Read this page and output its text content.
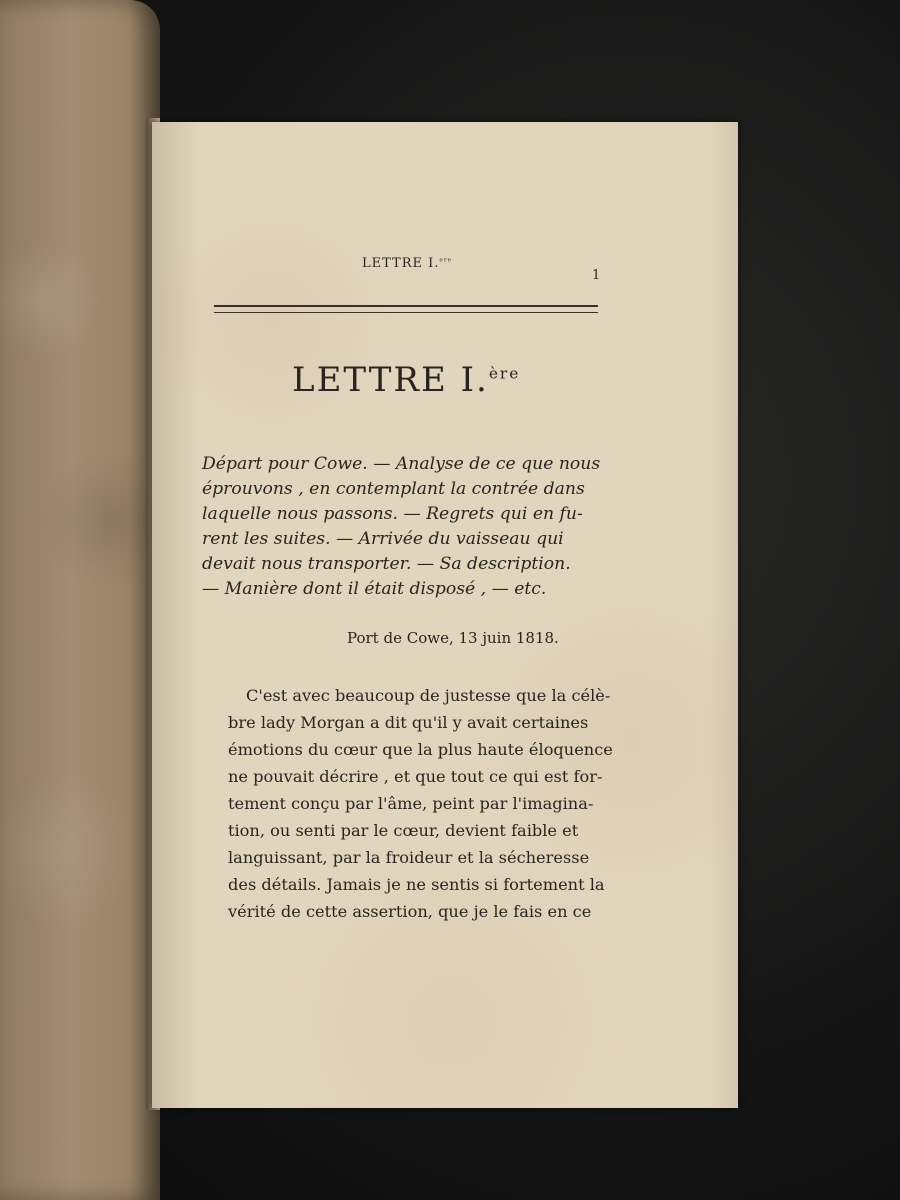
LETTRE I.$^{ere}$
1
LETTRE I.$^{ère}$
Départ pour Cowe. — Analyse de ce que nous
éprouvons , en contemplant la contrée dans
laquelle nous passons. — Regrets qui en fu-
rent les suites. — Arrivée du vaisseau qui
devait nous transporter. — Sa description.
— Manière dont il était disposé , — etc.
Port de Cowe, 13 juin 1818.
C'est avec beaucoup de justesse que la célè-
bre lady Morgan a dit qu'il y avait certaines
émotions du cœur que la plus haute éloquence
ne pouvait décrire , et que tout ce qui est for-
tement conçu par l'âme, peint par l'imagina-
tion, ou senti par le cœur, devient faible et
languissant, par la froideur et la sécheresse
des détails. Jamais je ne sentis si fortement la
vérité de cette assertion, que je le fais en ce
